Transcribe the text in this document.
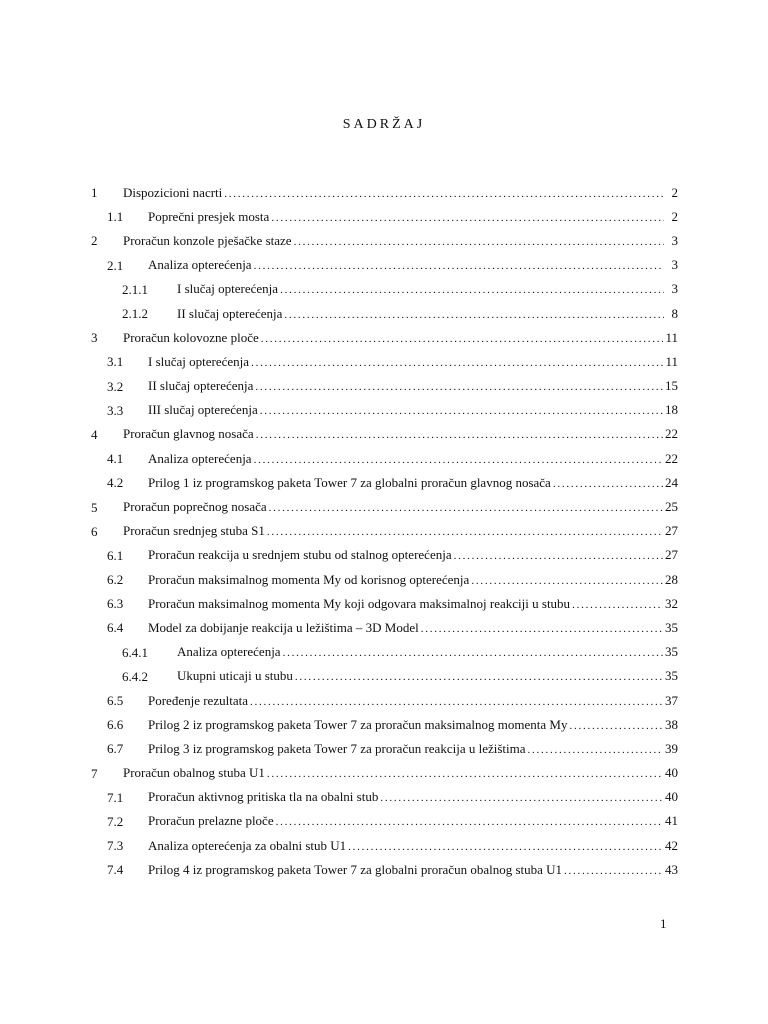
SADRŽAJ
1 Dispozicioni nacrti . . .	2
1.1 Poprečni presjek mosta . . .	2
2 Proračun konzole pješačke staze . . .	3
2.1 Analiza opterećenja . . .	3
2.1.1 I slučaj opterećenja . . .	3
2.1.2 II slučaj opterećenja . . .	8
3 Proračun kolovozne ploče . . .	11
3.1 I slučaj opterećenja . . .	11
3.2 II slučaj opterećenja . . .	15
3.3 III slučaj opterećenja . . .	18
4 Proračun glavnog nosača . . .	22
4.1 Analiza opterećenja . . .	22
4.2 Prilog 1 iz programskog paketa Tower 7 za globalni proračun glavnog nosača . . .	24
5 Proračun poprečnog nosača . . .	25
6 Proračun srednjeg stuba S1 . . .	27
6.1 Proračun reakcija u srednjem stubu od stalnog opterećenja . . .	27
6.2 Proračun maksimalnog momenta My od korisnog opterećenja . . .	28
6.3 Proračun maksimalnog momenta My koji odgovara maksimalnoj reakciji u stubu . . .	32
6.4 Model za dobijanje reakcija u ležištima – 3D Model . . .	35
6.4.1 Analiza opterećenja . . .	35
6.4.2 Ukupni uticaji u stubu . . .	35
6.5 Poređenje rezultata . . .	37
6.6 Prilog 2 iz programskog paketa Tower 7 za proračun maksimalnog momenta My . . .	38
6.7 Prilog 3 iz programskog paketa Tower 7 za proračun reakcija u ležištima . . .	39
7 Proračun obalnog stuba U1 . . .	40
7.1 Proračun aktivnog pritiska tla na obalni stub . . .	40
7.2 Proračun prelazne ploče . . .	41
7.3 Analiza opterećenja za obalni stub U1 . . .	42
7.4 Prilog 4 iz programskog paketa Tower 7 za globalni proračun obalnog stuba U1 . . .	43
1
